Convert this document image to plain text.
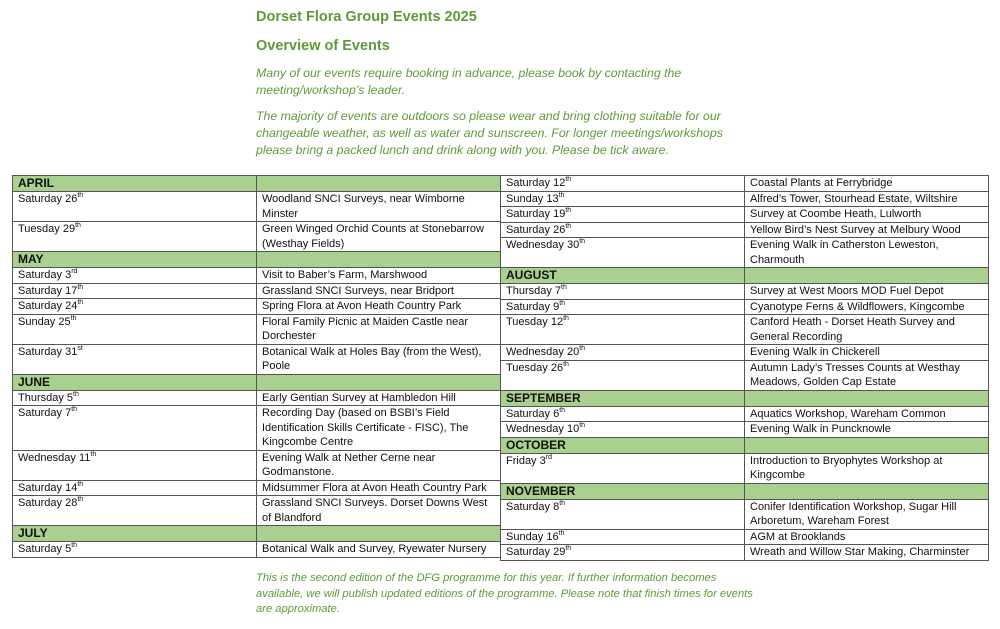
Dorset Flora Group Events 2025
Overview of Events
Many of our events require booking in advance, please book by contacting the meeting/workshop’s leader.
The majority of events are outdoors so please wear and bring clothing suitable for our changeable weather, as well as water and sunscreen. For longer meetings/workshops please bring a packed lunch and drink along with you. Please be tick aware.
APRIL	
Saturday 26th	Woodland SNCI Surveys, near Wimborne Minster
Tuesday 29th	Green Winged Orchid Counts at Stonebarrow (Westhay Fields)
MAY	
Saturday 3rd	Visit to Baber’s Farm, Marshwood
Saturday 17th	Grassland SNCI Surveys, near Bridport
Saturday 24th	Spring Flora at Avon Heath Country Park
Sunday 25th	Floral Family Picnic at Maiden Castle near Dorchester
Saturday 31st	Botanical Walk at Holes Bay (from the West), Poole
JUNE	
Thursday 5th	Early Gentian Survey at Hambledon Hill
Saturday 7th	Recording Day (based on BSBI’s Field Identification Skills Certificate - FISC), The Kingcombe Centre
Wednesday 11th	Evening Walk at Nether Cerne near Godmanstone.
Saturday 14th	Midsummer Flora at Avon Heath Country Park
Saturday 28th	Grassland SNCI Surveys. Dorset Downs West of Blandford
JULY	
Saturday 5th	Botanical Walk and Survey, Ryewater Nursery
Saturday 12th	Coastal Plants at Ferrybridge
Sunday 13th	Alfred’s Tower, Stourhead Estate, Wiltshire
Saturday 19th	Survey at Coombe Heath, Lulworth
Saturday 26th	Yellow Bird’s Nest Survey at Melbury Wood
Wednesday 30th	Evening Walk in Catherston Leweston, Charmouth
AUGUST	
Thursday 7th	Survey at West Moors MOD Fuel Depot
Saturday 9th	Cyanotype Ferns & Wildflowers, Kingcombe
Tuesday 12th	Canford Heath - Dorset Heath Survey and General Recording
Wednesday 20th	Evening Walk in Chickerell
Tuesday 26th	Autumn Lady’s Tresses Counts at Westhay Meadows, Golden Cap Estate
SEPTEMBER	
Saturday 6th	Aquatics Workshop, Wareham Common
Wednesday 10th	Evening Walk in Puncknowle
OCTOBER	
Friday 3rd	Introduction to Bryophytes Workshop at Kingcombe
NOVEMBER	
Saturday 8th	Conifer Identification Workshop, Sugar Hill Arboretum, Wareham Forest
Sunday 16th	AGM at Brooklands
Saturday 29th	Wreath and Willow Star Making, Charminster
This is the second edition of the DFG programme for this year. If further information becomes available, we will publish updated editions of the programme. Please note that finish times for events are approximate.
